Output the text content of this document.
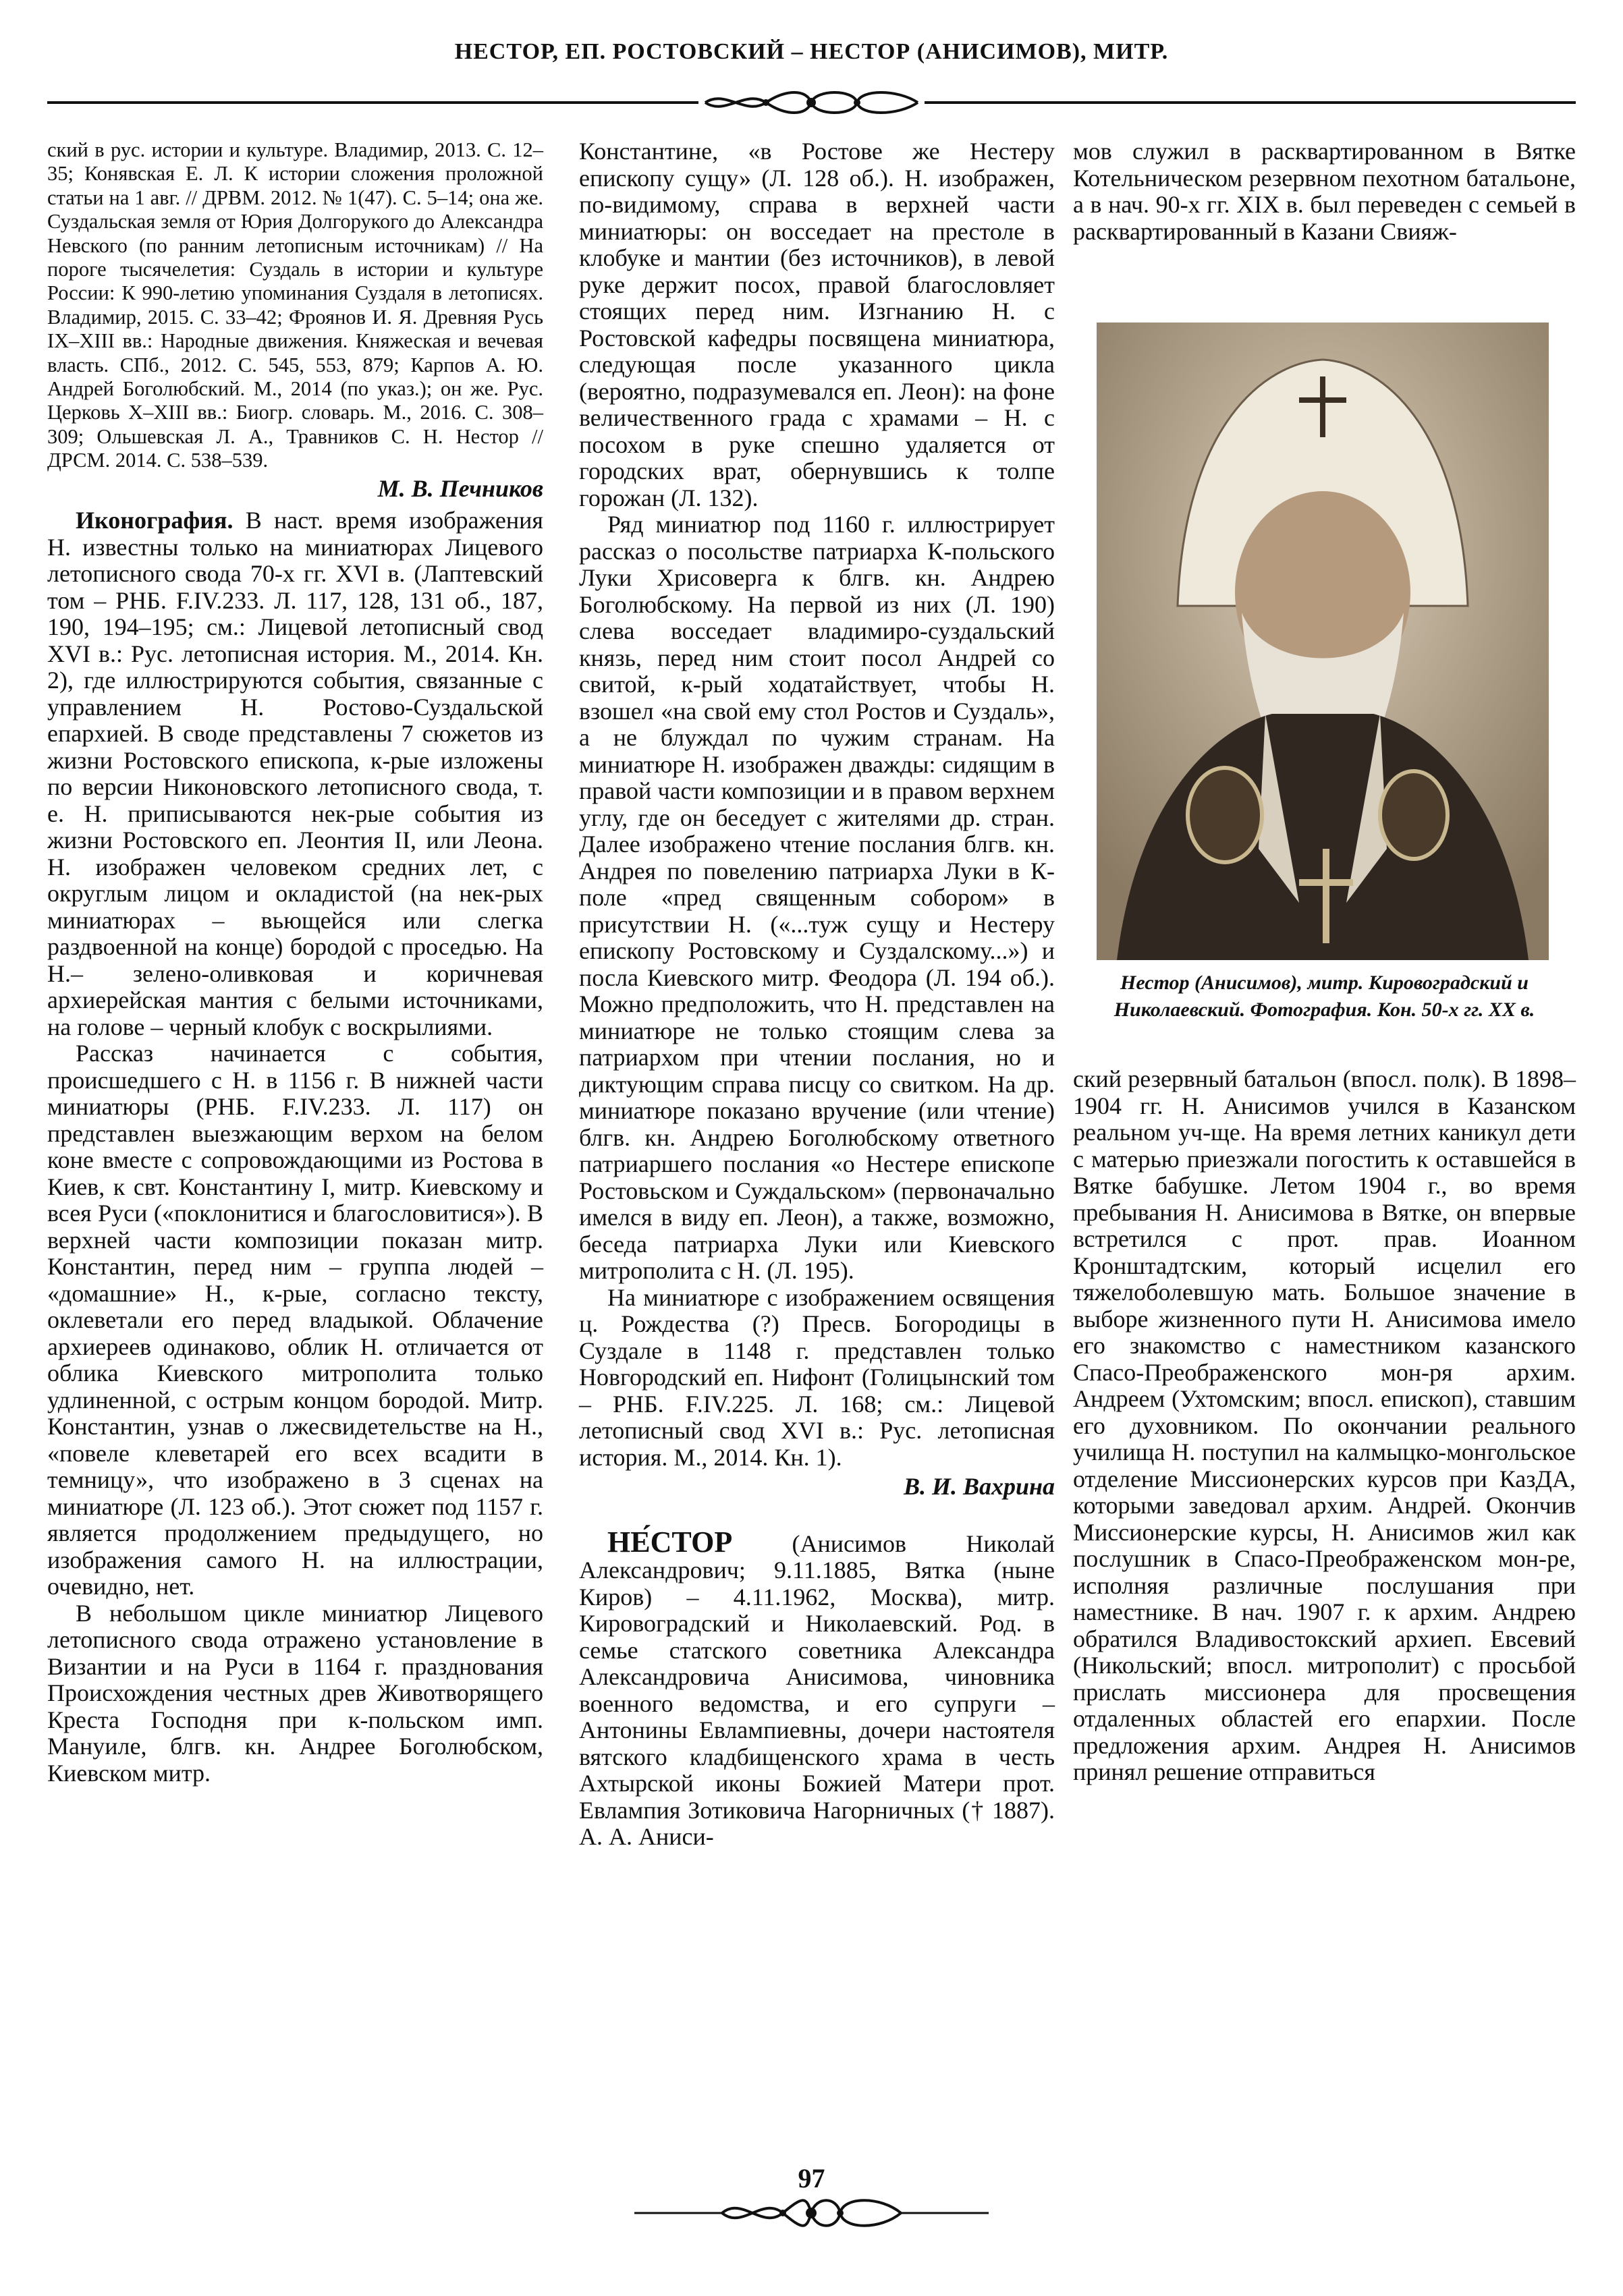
НЕСТОР, ЕП. РОСТОВСКИЙ – НЕСТОР (АНИСИМОВ), МИТР.

ский в рус. истории и культуре. Владимир, 2013. С. 12–35; Конявская Е. Л. К истории сложения проложной статьи на 1 авг. // ДРВМ. 2012. № 1(47). С. 5–14; она же. Суздальская земля от Юрия Долгорукого до Александра Невского (по ранним летописным источникам) // На пороге тысячелетия: Суздаль в истории и культуре России: К 990-летию упоминания Суздаля в летописях. Владимир, 2015. С. 33–42; Фроянов И. Я. Древняя Русь IX–XIII вв.: Народные движения. Княжеская и вечевая власть. СПб., 2012. С. 545, 553, 879; Карпов А. Ю. Андрей Боголюбский. М., 2014 (по указ.); он же. Рус. Церковь X–XIII вв.: Биогр. словарь. М., 2016. С. 308–309; Ольшевская Л. А., Травников С. Н. Нестор // ДРСМ. 2014. С. 538–539.

М. В. Печников

Иконография. В наст. время изображения Н. известны только на миниатюрах Лицевого летописного свода 70-х гг. XVI в. (Лаптевский том – РНБ. F.IV.233. Л. 117, 128, 131 об., 187, 190, 194–195; см.: Лицевой летописный свод XVI в.: Рус. летописная история. М., 2014. Кн. 2), где иллюстрируются события, связанные с управлением Н. Ростово-Суздальской епархией. В своде представлены 7 сюжетов из жизни Ростовского епископа, к-рые изложены по версии Никоновского летописного свода, т. е. Н. приписываются нек-рые события из жизни Ростовского еп. Леонтия II, или Леона. Н. изображен человеком средних лет, с округлым лицом и окладистой (на нек-рых миниатюрах – вьющейся или слегка раздвоенной на конце) бородой с проседью. На Н.– зелено-оливковая и коричневая архиерейская мантия с белыми источниками, на голове – черный клобук с воскрылиями.

Рассказ начинается с события, происшедшего с Н. в 1156 г. В нижней части миниатюры (РНБ. F.IV.233. Л. 117) он представлен выезжающим верхом на белом коне вместе с сопровождающими из Ростова в Киев, к свт. Константину I, митр. Киевскому и всея Руси («поклонитися и благословитися»). В верхней части композиции показан митр. Константин, перед ним – группа людей – «домашние» Н., к-рые, согласно тексту, оклеветали его перед владыкой. Облачение архиереев одинаково, облик Н. отличается от облика Киевского митрополита только удлиненной, с острым концом бородой. Митр. Константин, узнав о лжесвидетельстве на Н., «повеле клеветарей его всех всадити в темницу», что изображено в 3 сценах на миниатюре (Л. 123 об.). Этот сюжет под 1157 г. является продолжением предыдущего, но изображения самого Н. на иллюстрации, очевидно, нет.

В небольшом цикле миниатюр Лицевого летописного свода отражено установление в Византии и на Руси в 1164 г. празднования Происхождения честных древ Животворящего Креста Господня при к-польском имп. Мануиле, блгв. кн. Андрее Боголюбском, Киевском митр.

Константине, «в Ростове же Нестеру епископу сущу» (Л. 128 об.). Н. изображен, по-видимому, справа в верхней части миниатюры: он восседает на престоле в клобуке и мантии (без источников), в левой руке держит посох, правой благословляет стоящих перед ним. Изгнанию Н. с Ростовской кафедры посвящена миниатюра, следующая после указанного цикла (вероятно, подразумевался еп. Леон): на фоне величественного града с храмами – Н. с посохом в руке спешно удаляется от городских врат, обернувшись к толпе горожан (Л. 132).

Ряд миниатюр под 1160 г. иллюстрирует рассказ о посольстве патриарха К-польского Луки Хрисоверга к блгв. кн. Андрею Боголюбскому. На первой из них (Л. 190) слева восседает владимиро-суздальский князь, перед ним стоит посол Андрей со свитой, к-рый ходатайствует, чтобы Н. взошел «на свой ему стол Ростов и Суздаль», а не блуждал по чужим странам. На миниатюре Н. изображен дважды: сидящим в правой части композиции и в правом верхнем углу, где он беседует с жителями др. стран. Далее изображено чтение послания блгв. кн. Андрея по повелению патриарха Луки в К-поле «пред священным собором» в присутствии Н. («...туж сущу и Нестеру епископу Ростовскому и Суздалскому...») и посла Киевского митр. Феодора (Л. 194 об.). Можно предположить, что Н. представлен на миниатюре не только стоящим слева за патриархом при чтении послания, но и диктующим справа писцу со свитком. На др. миниатюре показано вручение (или чтение) блгв. кн. Андрею Боголюбскому ответного патриаршего послания «о Нестере епископе Ростовьском и Суждальском» (первоначально имелся в виду еп. Леон), а также, возможно, беседа патриарха Луки или Киевского митрополита с Н. (Л. 195).

На миниатюре с изображением освящения ц. Рождества (?) Пресв. Богородицы в Суздале в 1148 г. представлен только Новгородский еп. Нифонт (Голицынский том – РНБ. F.IV.225. Л. 168; см.: Лицевой летописный свод XVI в.: Рус. летописная история. М., 2014. Кн. 1).

В. И. Вахрина

НЕ́СТОР (Анисимов Николай Александрович; 9.11.1885, Вятка (ныне Киров) – 4.11.1962, Москва), митр. Кировоградский и Николаевский. Род. в семье статского советника Александра Александровича Анисимова, чиновника военного ведомства, и его супруги – Антонины Евлампиевны, дочери настоятеля вятского кладбищенского храма в честь Ахтырской иконы Божией Матери прот. Евлампия Зотиковича Нагорничных († 1887). А. А. Аниси-

мов служил в расквартированном в Вятке Котельническом резервном пехотном батальоне, а в нач. 90-х гг. XIX в. был переведен с семьей в расквартированный в Казани Свияж-

Нестор (Анисимов), митр. Кировоградский и Николаевский. Фотография. Кон. 50-х гг. XX в.

ский резервный батальон (впосл. полк). В 1898–1904 гг. Н. Анисимов учился в Казанском реальном уч-ще. На время летних каникул дети с матерью приезжали погостить к оставшейся в Вятке бабушке. Летом 1904 г., во время пребывания Н. Анисимова в Вятке, он впервые встретился с прот. прав. Иоанном Кронштадтским, который исцелил его тяжелоболевшую мать. Большое значение в выборе жизненного пути Н. Анисимова имело его знакомство с наместником казанского Спасо-Преображенского мон-ря архим. Андреем (Ухтомским; впосл. епископ), ставшим его духовником. По окончании реального училища Н. поступил на калмыцко-монгольское отделение Миссионерских курсов при КазДА, которыми заведовал архим. Андрей. Окончив Миссионерские курсы, Н. Анисимов жил как послушник в Спасо-Преображенском мон-ре, исполняя различные послушания при наместнике. В нач. 1907 г. к архим. Андрею обратился Владивостокский архиеп. Евсевий (Никольский; впосл. митрополит) с просьбой прислать миссионера для просвещения отдаленных областей его епархии. После предложения архим. Андрея Н. Анисимов принял решение отправиться

97
